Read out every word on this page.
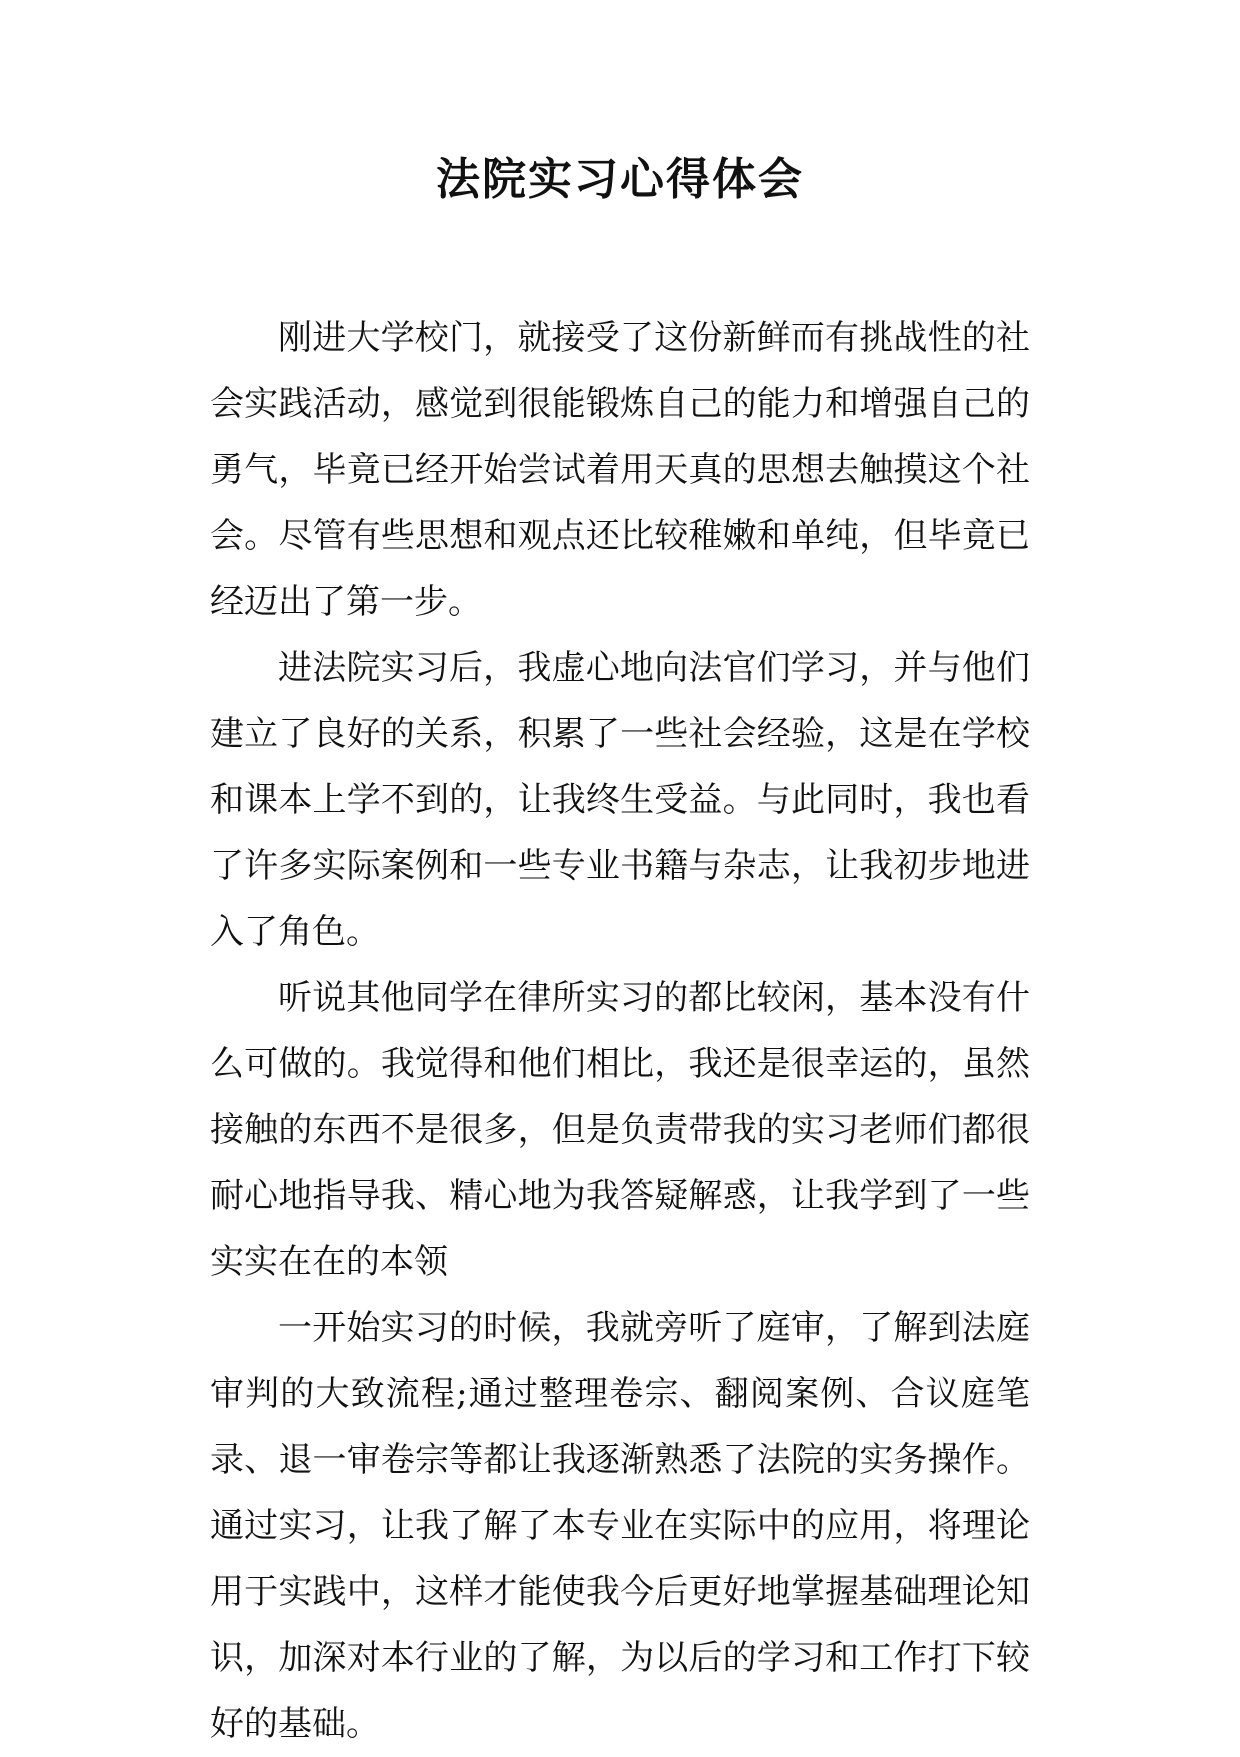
法院实习心得体会

刚进大学校门，就接受了这份新鲜而有挑战性的社会实践活动，感觉到很能锻炼自己的能力和增强自己的勇气，毕竟已经开始尝试着用天真的思想去触摸这个社会。尽管有些思想和观点还比较稚嫩和单纯，但毕竟已经迈出了第一步。

进法院实习后，我虚心地向法官们学习，并与他们建立了良好的关系，积累了一些社会经验，这是在学校和课本上学不到的，让我终生受益。与此同时，我也看了许多实际案例和一些专业书籍与杂志，让我初步地进入了角色。

听说其他同学在律所实习的都比较闲，基本没有什么可做的。我觉得和他们相比，我还是很幸运的，虽然接触的东西不是很多，但是负责带我的实习老师们都很耐心地指导我、精心地为我答疑解惑，让我学到了一些实实在在的本领

一开始实习的时候，我就旁听了庭审，了解到法庭审判的大致流程;通过整理卷宗、翻阅案例、合议庭笔录、退一审卷宗等都让我逐渐熟悉了法院的实务操作。通过实习，让我了解了本专业在实际中的应用，将理论用于实践中，这样才能使我今后更好地掌握基础理论知识，加深对本行业的了解，为以后的学习和工作打下较好的基础。
